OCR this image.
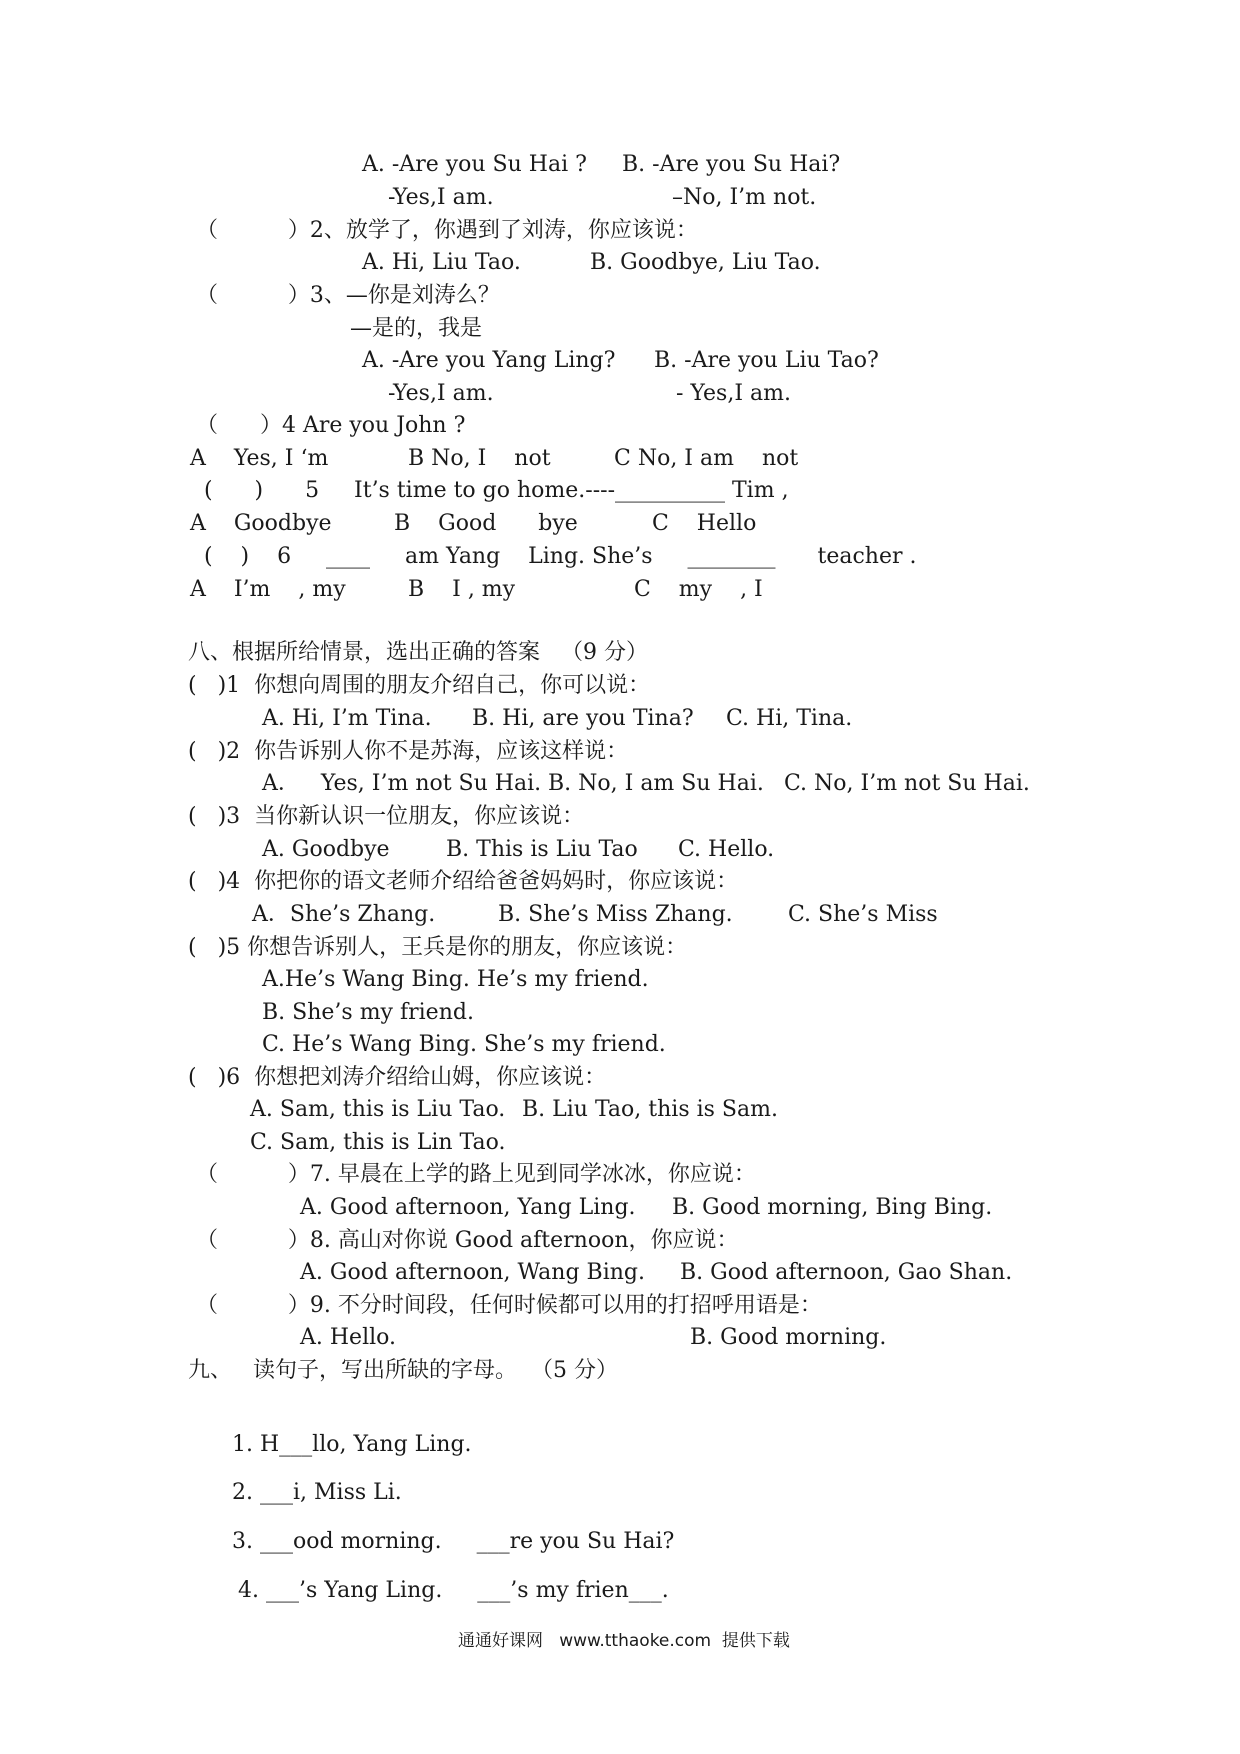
A. -Are you Su Hai ? B. -Are you Su Hai?
-Yes,I am.	–No, I’m not.
（          ）2、放学了，你遇到了刘涛，你应该说：
A. Hi, Liu Tao.	B. Goodbye, Liu Tao.
（          ）3、—你是刘涛么？
—是的，我是
A. -Are you Yang Ling? B. -Are you Liu Tao?
-Yes,I am.	- Yes,I am.
（      ）4 Are you John ?
A    Yes, I ‘m	B No, I    not	C No, I am    not
(      )      5     It’s time to go home.----__________ Tim ,
A    Goodbye	B    Good      bye	C    Hello
(    )    6     ____     am Yang    Ling. She’s     ________      teacher .
A    I’m    , my	B    I , my	C    my    , I
八、根据所给情景，选出正确的答案   （9 分）
(   )1  你想向周围的朋友介绍自己，你可以说：
A. Hi, I’m Tina. B. Hi, are you Tina? C. Hi, Tina.
(   )2  你告诉别人你不是苏海，应该这样说：
A．   Yes, I’m not Su Hai. B. No, I am Su Hai. C. No, I’m not Su Hai.
(   )3  当你新认识一位朋友，你应该说：
A. Goodbye	B. This is Liu Tao C. Hello.
(   )4  你把你的语文老师介绍给爸爸妈妈时，你应该说：
A．She’s Zhang.	B. She’s Miss Zhang.	C. She’s Miss
(   )5 你想告诉别人，王兵是你的朋友，你应该说：
A.He’s Wang Bing. He’s my friend.
B. She’s my friend.
C. He’s Wang Bing. She’s my friend.
(   )6  你想把刘涛介绍给山姆，你应该说：
A. Sam, this is Liu Tao. B. Liu Tao, this is Sam.
C. Sam, this is Lin Tao.
（          ）7. 早晨在上学的路上见到同学冰冰，你应说：
A. Good afternoon, Yang Ling. B. Good morning, Bing Bing.
（          ）8. 高山对你说 Good afternoon，你应说：
A. Good afternoon, Wang Bing. B. Good afternoon, Gao Shan.
（          ）9. 不分时间段，任何时候都可以用的打招呼用语是：
A. Hello.	B. Good morning.
九、   读句子，写出所缺的字母。  （5 分）
1. H___llo, Yang Ling.
2. ___i, Miss Li.
3. ___ood morning.     ___re you Su Hai?
4. ___’s Yang Ling.     ___’s my frien___.
通通好课网   www.tthaoke.com  提供下载
